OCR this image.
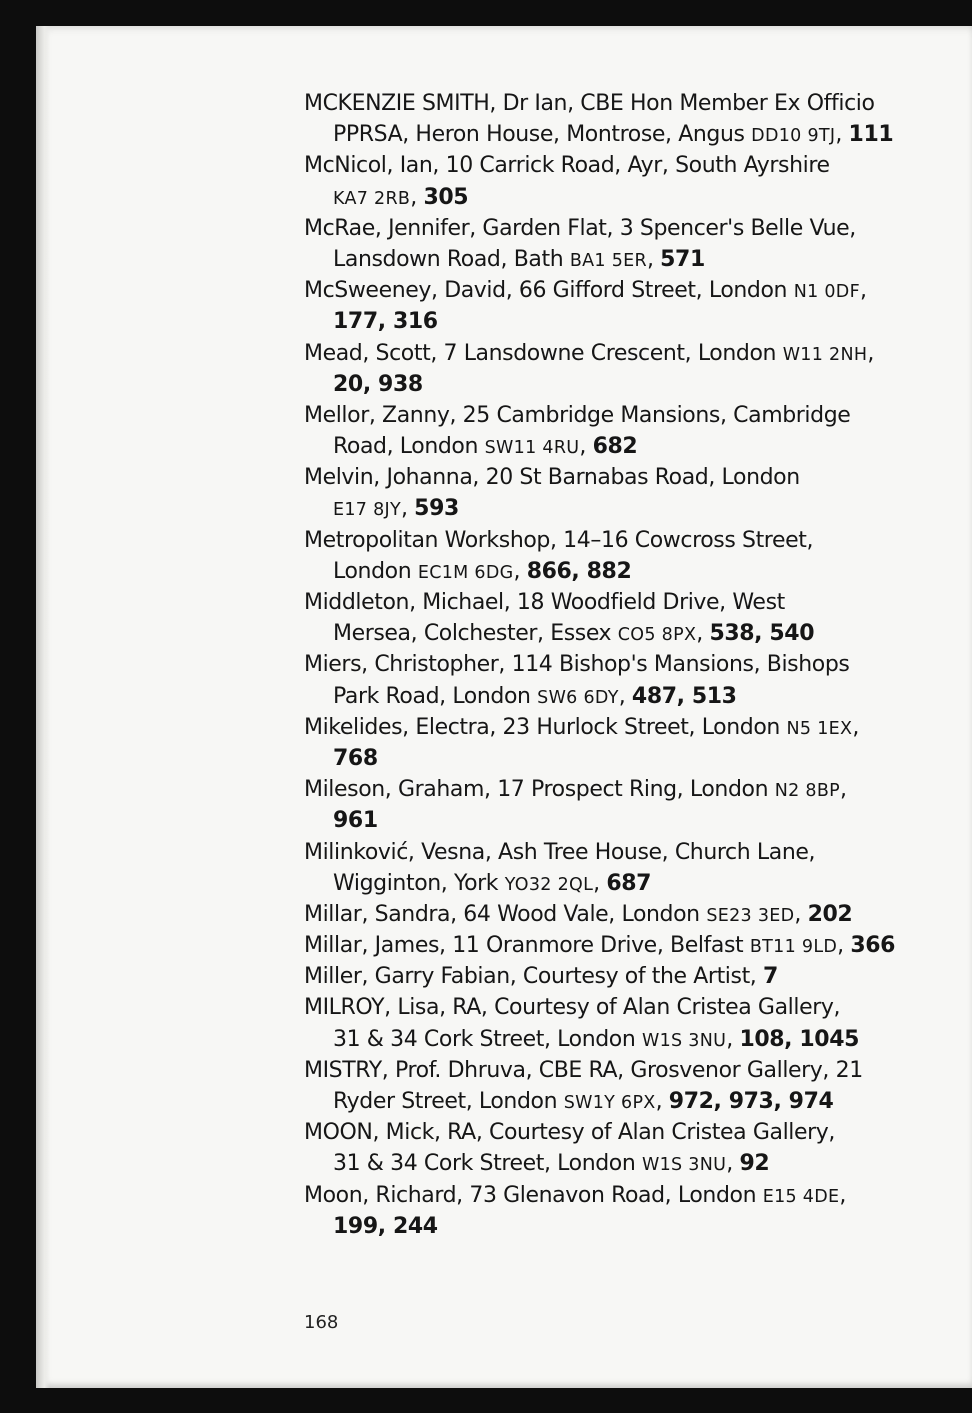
MCKENZIE SMITH, Dr Ian, CBE Hon Member Ex Officio
PPRSA, Heron House, Montrose, Angus DD10 9TJ, 111
McNicol, Ian, 10 Carrick Road, Ayr, South Ayrshire
KA7 2RB, 305
McRae, Jennifer, Garden Flat, 3 Spencer's Belle Vue,
Lansdown Road, Bath BA1 5ER, 571
McSweeney, David, 66 Gifford Street, London N1 0DF,
177, 316
Mead, Scott, 7 Lansdowne Crescent, London W11 2NH,
20, 938
Mellor, Zanny, 25 Cambridge Mansions, Cambridge
Road, London SW11 4RU, 682
Melvin, Johanna, 20 St Barnabas Road, London
E17 8JY, 593
Metropolitan Workshop, 14–16 Cowcross Street,
London EC1M 6DG, 866, 882
Middleton, Michael, 18 Woodfield Drive, West
Mersea, Colchester, Essex CO5 8PX, 538, 540
Miers, Christopher, 114 Bishop's Mansions, Bishops
Park Road, London SW6 6DY, 487, 513
Mikelides, Electra, 23 Hurlock Street, London N5 1EX,
768
Mileson, Graham, 17 Prospect Ring, London N2 8BP,
961
Milinković, Vesna, Ash Tree House, Church Lane,
Wigginton, York YO32 2QL, 687
Millar, Sandra, 64 Wood Vale, London SE23 3ED, 202
Millar, James, 11 Oranmore Drive, Belfast BT11 9LD, 366
Miller, Garry Fabian, Courtesy of the Artist, 7
MILROY, Lisa, RA, Courtesy of Alan Cristea Gallery,
31 & 34 Cork Street, London W1S 3NU, 108, 1045
MISTRY, Prof. Dhruva, CBE RA, Grosvenor Gallery, 21
Ryder Street, London SW1Y 6PX, 972, 973, 974
MOON, Mick, RA, Courtesy of Alan Cristea Gallery,
31 & 34 Cork Street, London W1S 3NU, 92
Moon, Richard, 73 Glenavon Road, London E15 4DE,
199, 244
168
